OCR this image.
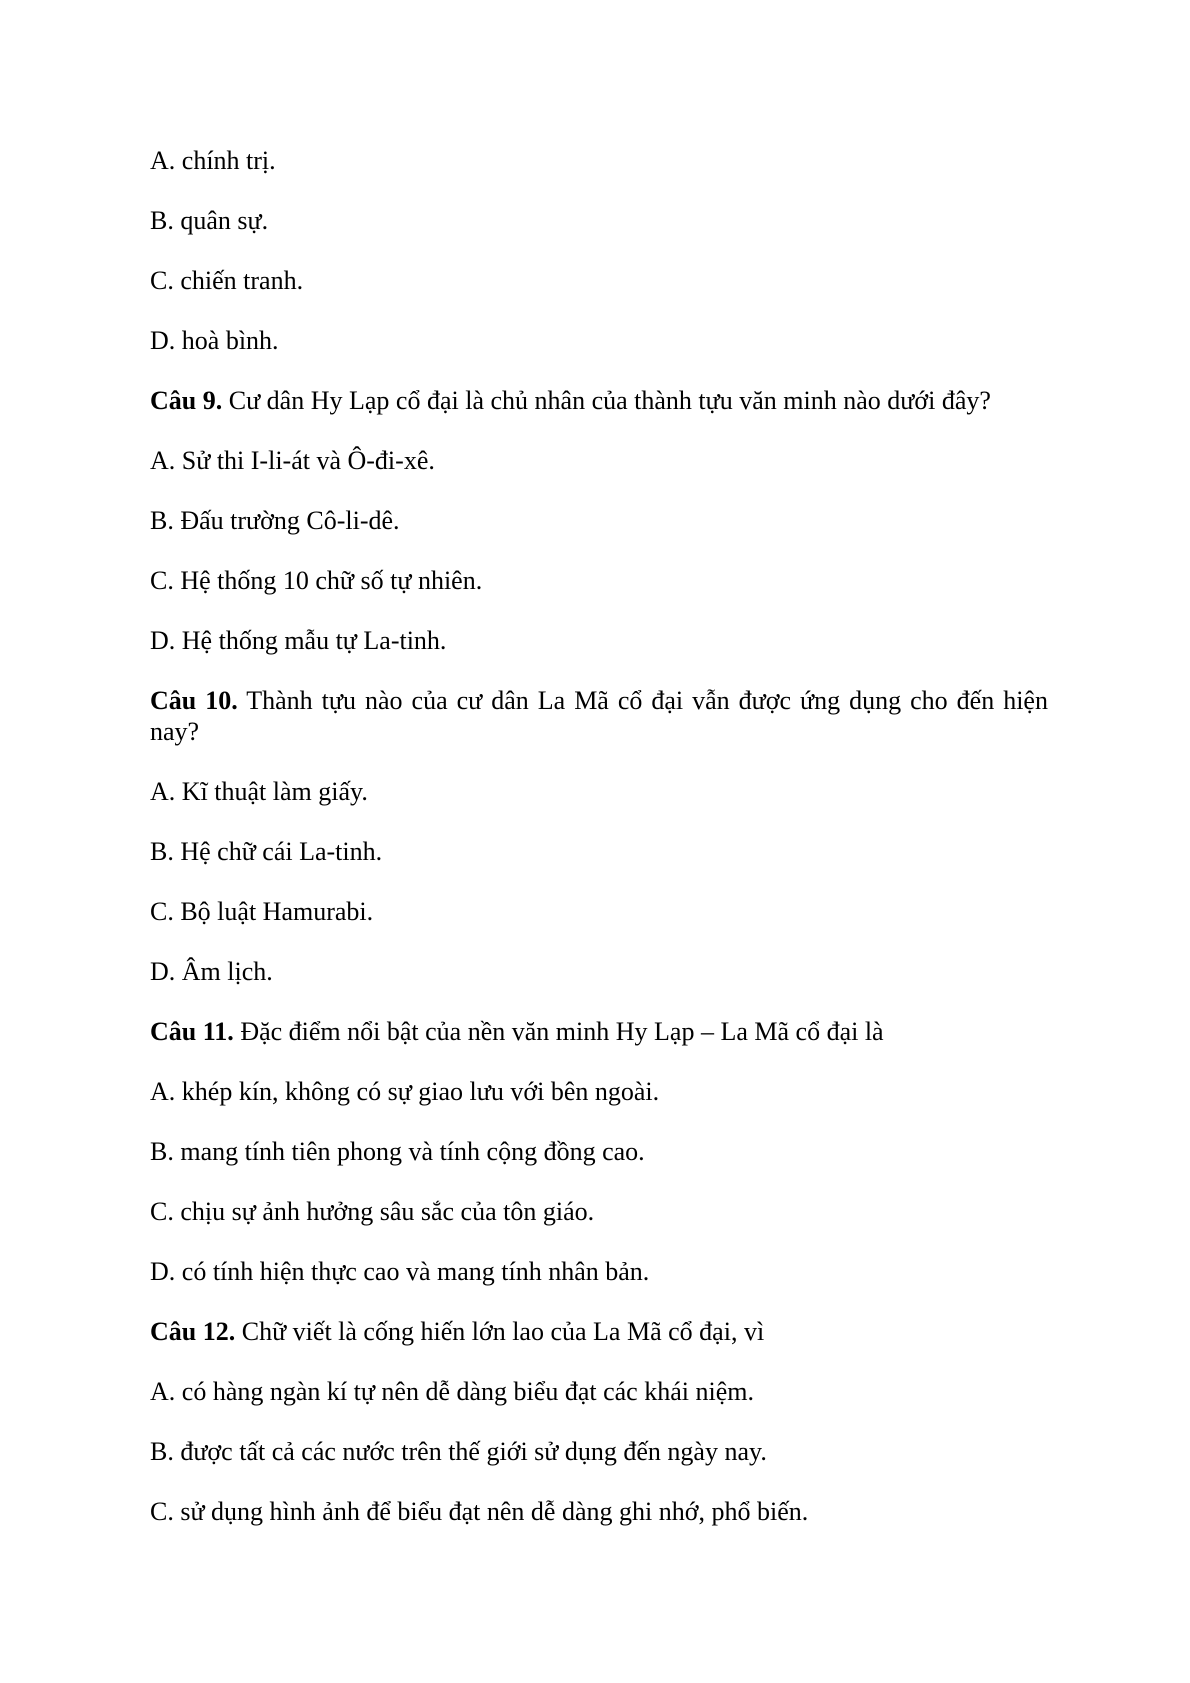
A. chính trị.

B. quân sự.

C. chiến tranh.

D. hoà bình.

Câu 9. Cư dân Hy Lạp cổ đại là chủ nhân của thành tựu văn minh nào dưới đây?

A. Sử thi I-li-át và Ô-đi-xê.

B. Đấu trường Cô-li-dê.

C. Hệ thống 10 chữ số tự nhiên.

D. Hệ thống mẫu tự La-tinh.

Câu 10. Thành tựu nào của cư dân La Mã cổ đại vẫn được ứng dụng cho đến hiện nay?

A. Kĩ thuật làm giấy.

B. Hệ chữ cái La-tinh.

C. Bộ luật Hamurabi.

D. Âm lịch.

Câu 11. Đặc điểm nổi bật của nền văn minh Hy Lạp – La Mã cổ đại là

A. khép kín, không có sự giao lưu với bên ngoài.

B. mang tính tiên phong và tính cộng đồng cao.

C. chịu sự ảnh hưởng sâu sắc của tôn giáo.

D. có tính hiện thực cao và mang tính nhân bản.

Câu 12. Chữ viết là cống hiến lớn lao của La Mã cổ đại, vì

A. có hàng ngàn kí tự nên dễ dàng biểu đạt các khái niệm.

B. được tất cả các nước trên thế giới sử dụng đến ngày nay.

C. sử dụng hình ảnh để biểu đạt nên dễ dàng ghi nhớ, phổ biến.
